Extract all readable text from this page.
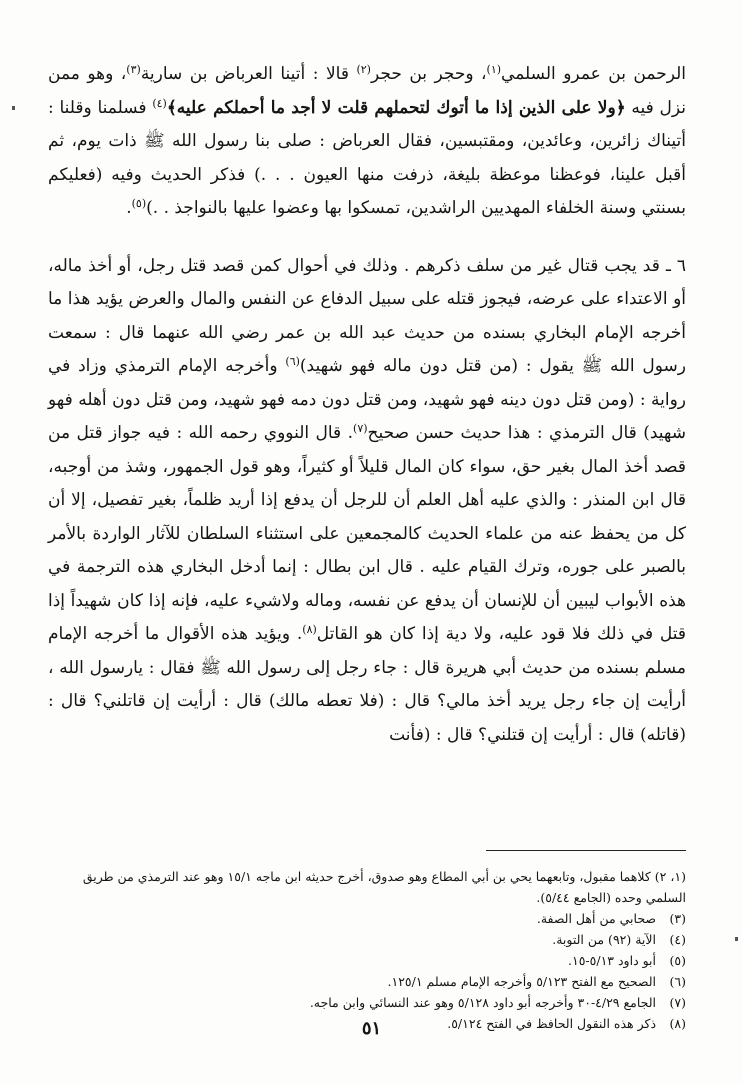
الرحمن بن عمرو السلمي$^{(١)}$، وحجر بن حجر$^{(٢)}$ قالا : أتينا العرباض بن سارية$^{(٣)}$، وهو ممن نزل فيه ﴿ولا على الذين إذا ما أتوك لتحملهم قلت لا أجد ما أحملكم عليه﴾$^{(٤)}$ فسلمنا وقلنا : أتيناك زائرين، وعائدين، ومقتبسين، فقال العرباض : صلى بنا رسول الله ﷺ ذات يوم، ثم أقبل علينا، فوعظنا موعظة بليغة، ذرفت منها العيون . . .) فذكر الحديث وفيه (فعليكم بسنتي وسنة الخلفاء المهديين الراشدين، تمسكوا بها وعضوا عليها بالنواجذ . .)$^{(٥)}$.

٦ ـ قد يجب قتال غير من سلف ذكرهم . وذلك في أحوال كمن قصد قتل رجل، أو أخذ ماله، أو الاعتداء على عرضه، فيجوز قتله على سبيل الدفاع عن النفس والمال والعرض يؤيد هذا ما أخرجه الإمام البخاري بسنده من حديث عبد الله بن عمر رضي الله عنهما قال : سمعت رسول الله ﷺ يقول : (من قتل دون ماله فهو شهيد)$^{(٦)}$ وأخرجه الإمام الترمذي وزاد في رواية : (ومن قتل دون دينه فهو شهيد، ومن قتل دون دمه فهو شهيد، ومن قتل دون أهله فهو شهيد) قال الترمذي : هذا حديث حسن صحيح$^{(٧)}$. قال النووي رحمه الله : فيه جواز قتل من قصد أخذ المال بغير حق، سواء كان المال قليلاً أو كثيراً، وهو قول الجمهور، وشذ من أوجبه، قال ابن المنذر : والذي عليه أهل العلم أن للرجل أن يدفع إذا أريد ظلماً، بغير تفصيل، إلا أن كل من يحفظ عنه من علماء الحديث كالمجمعين على استثناء السلطان للآثار الواردة بالأمر بالصبر على جوره، وترك القيام عليه . قال ابن بطال : إنما أدخل البخاري هذه الترجمة في هذه الأبواب ليبين أن للإنسان أن يدفع عن نفسه، وماله ولاشيء عليه، فإنه إذا كان شهيداً إذا قتل في ذلك فلا قود عليه، ولا دية إذا كان هو القاتل$^{(٨)}$. ويؤيد هذه الأقوال ما أخرجه الإمام مسلم بسنده من حديث أبي هريرة قال : جاء رجل إلى رسول الله ﷺ فقال : يارسول الله ، أرأيت إن جاء رجل يريد أخذ مالي؟ قال : (فلا تعطه مالك) قال : أرأيت إن قاتلني؟ قال : (قاتله) قال : أرأيت إن قتلني؟ قال : (فأنت

(١، ٢) كلاهما مقبول، وتابعهما يحي بن أبي المطاع وهو صدوق، أخرج حديثه ابن ماجه ١٥/١ وهو عند الترمذي من طريق السلمي وحده (الجامع ٥/٤٤).

(٣) صحابي من أهل الصفة.

(٤) الآية (٩٢) من التوبة.

(٥) أبو داود ٥/١٣-١٥.

(٦) الصحيح مع الفتح ٥/١٢٣ وأخرجه الإمام مسلم ١٢٥/١.

(٧) الجامع ٤/٢٩-٣٠ وأخرجه أبو داود ٥/١٢٨ وهو عند النسائي وابن ماجه.

(٨) ذكر هذه النقول الحافظ في الفتح ٥/١٢٤.

٥١
